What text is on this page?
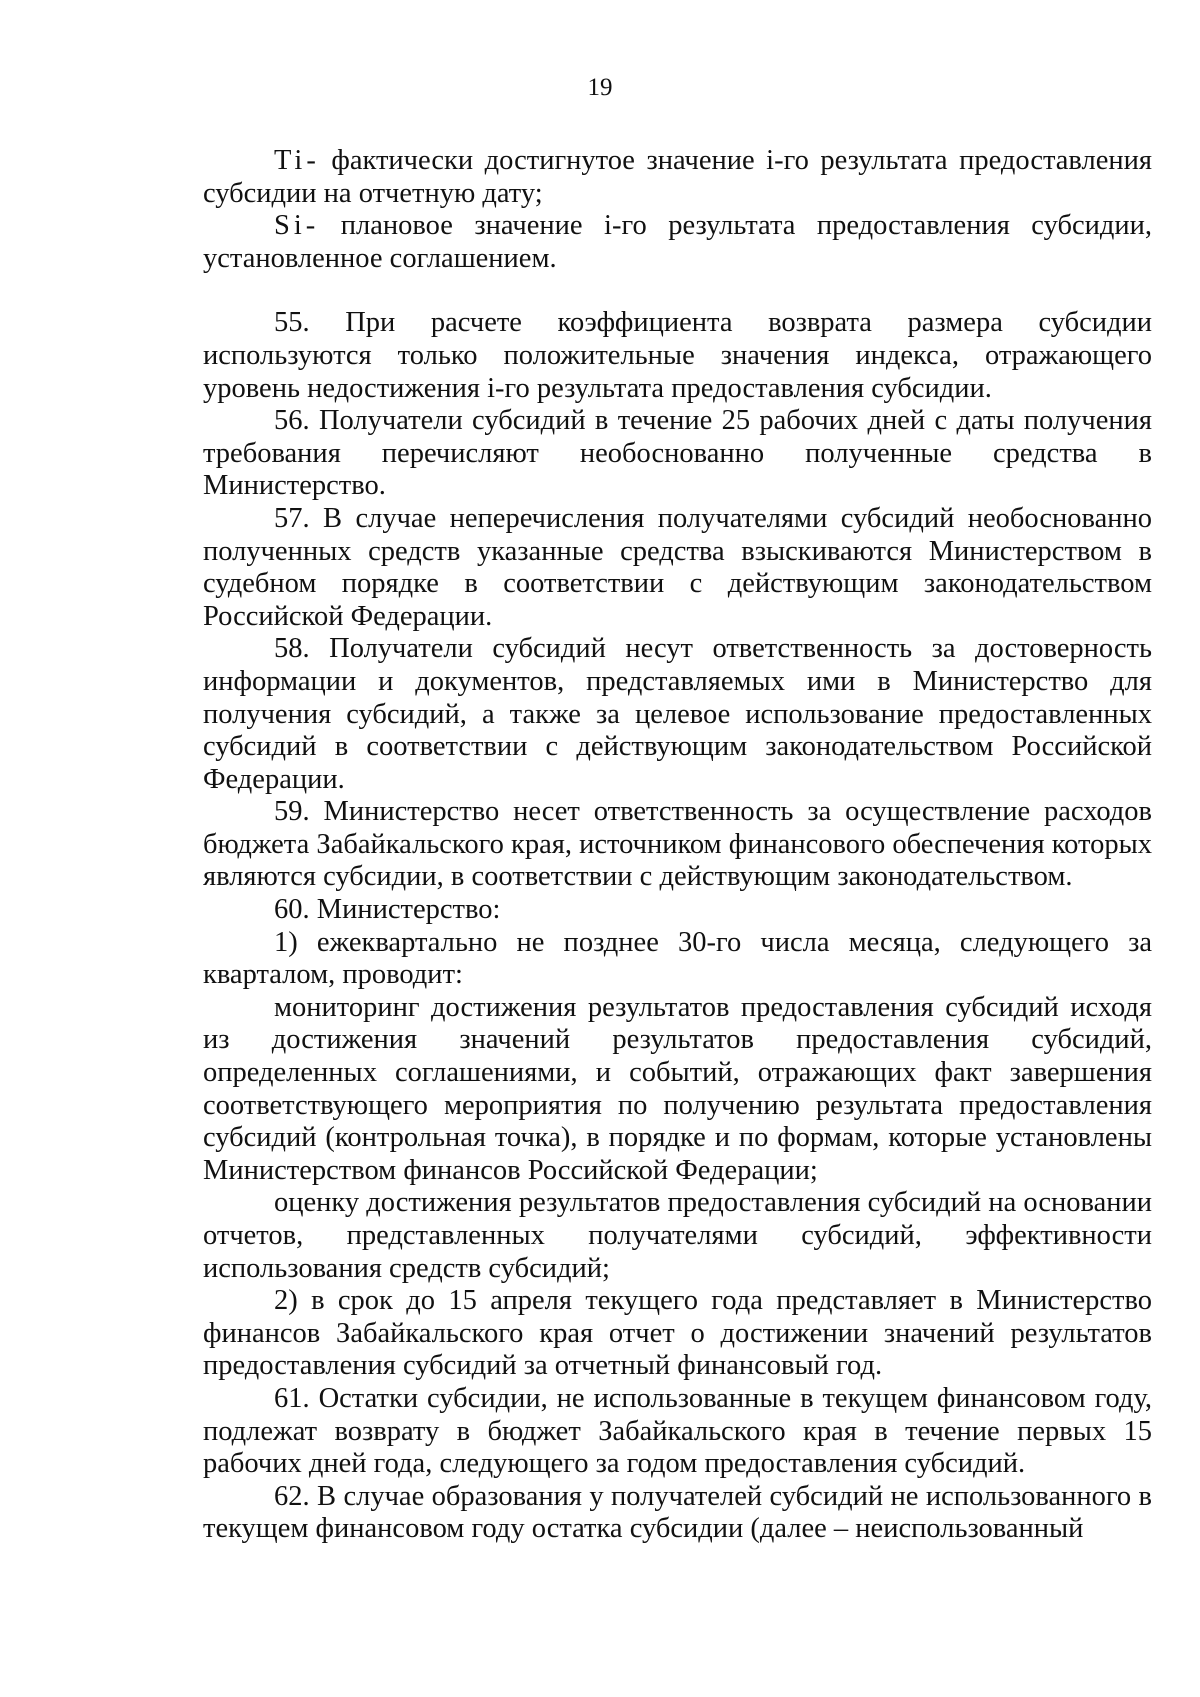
19

Ti- фактически достигнутое значение i-го результата предоставления субсидии на отчетную дату;

Si- плановое значение i-го результата предоставления субсидии, установленное соглашением.

55. При расчете коэффициента возврата размера субсидии используются только положительные значения индекса, отражающего уровень недостижения i-го результата предоставления субсидии.

56. Получатели субсидий в течение 25 рабочих дней с даты получения требования перечисляют необоснованно полученные средства в Министерство.

57. В случае неперечисления получателями субсидий необоснованно полученных средств указанные средства взыскиваются Министерством в судебном порядке в соответствии с действующим законодательством Российской Федерации.

58. Получатели субсидий несут ответственность за достоверность информации и документов, представляемых ими в Министерство для получения субсидий, а также за целевое использование предоставленных субсидий в соответствии с действующим законодательством Российской Федерации.

59. Министерство несет ответственность за осуществление расходов бюджета Забайкальского края, источником финансового обеспечения которых являются субсидии, в соответствии с действующим законодательством.

60. Министерство:

1) ежеквартально не позднее 30-го числа месяца, следующего за кварталом, проводит:

мониторинг достижения результатов предоставления субсидий исходя из достижения значений результатов предоставления субсидий, определенных соглашениями, и событий, отражающих факт завершения соответствующего мероприятия по получению результата предоставления субсидий (контрольная точка), в порядке и по формам, которые установлены Министерством финансов Российской Федерации;

оценку достижения результатов предоставления субсидий на основании отчетов, представленных получателями субсидий, эффективности использования средств субсидий;

2) в срок до 15 апреля текущего года представляет в Министерство финансов Забайкальского края отчет о достижении значений результатов предоставления субсидий за отчетный финансовый год.

61. Остатки субсидии, не использованные в текущем финансовом году, подлежат возврату в бюджет Забайкальского края в течение первых 15 рабочих дней года, следующего за годом предоставления субсидий.

62. В случае образования у получателей субсидий не использованного в текущем финансовом году остатка субсидии (далее – неиспользованный
